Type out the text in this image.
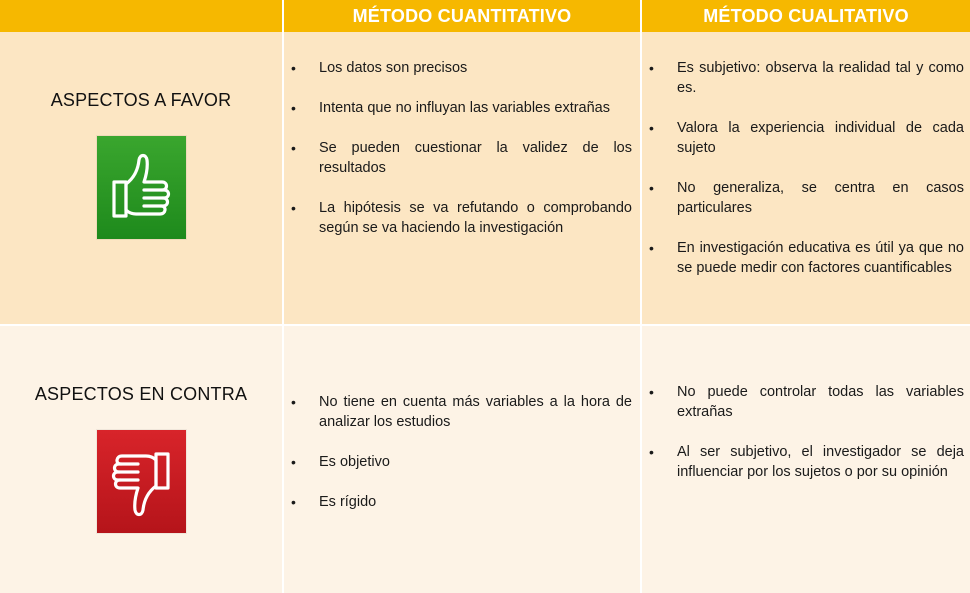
MÉTODO CUANTITATIVO	MÉTODO CUALITATIVO
ASPECTOS A FAVOR
• Los datos son precisos
• Intenta que no influyan las variables extrañas
• Se pueden cuestionar la validez de los resultados
• La hipótesis se va refutando o comprobando según se va haciendo la investigación
• Es subjetivo: observa la realidad tal y como es.
• Valora la experiencia individual de cada sujeto
• No generaliza, se centra en casos particulares
• En investigación educativa es útil ya que no se puede medir con factores cuantificables
ASPECTOS EN CONTRA
•	No tiene en cuenta más variables a la hora de analizar los estudios
• Es objetivo
• Es rígido
• No puede controlar todas las variables extrañas
• Al ser subjetivo, el investigador se deja influenciar por los sujetos o por su opinión
